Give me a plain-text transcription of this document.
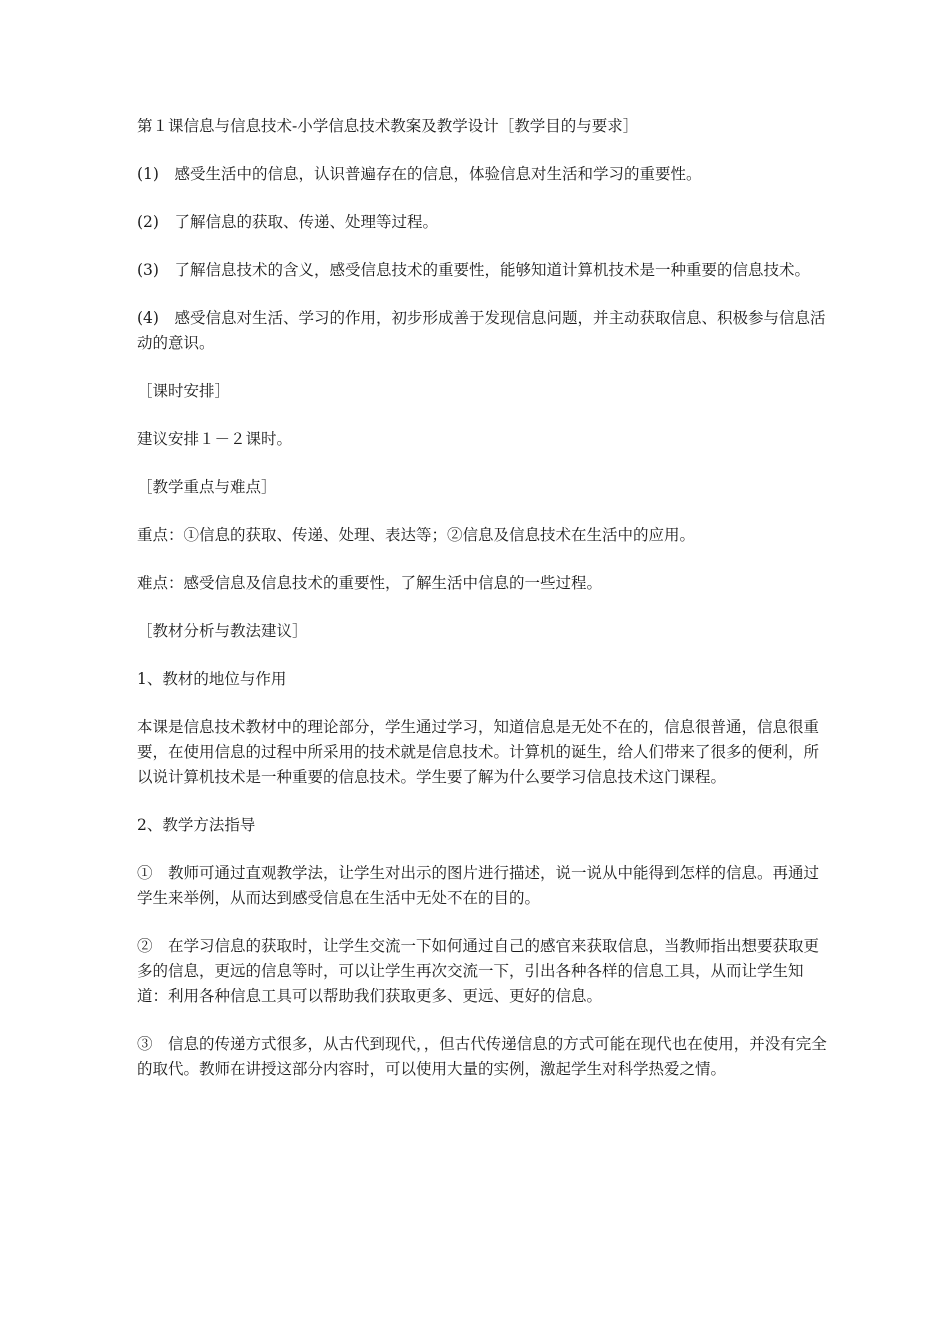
第１课信息与信息技术-小学信息技术教案及教学设计［教学目的与要求］

(1)　感受生活中的信息，认识普遍存在的信息，体验信息对生活和学习的重要性。

(2)　了解信息的获取、传递、处理等过程。

(3)　了解信息技术的含义，感受信息技术的重要性，能够知道计算机技术是一种重要的信息技术。

(4)　感受信息对生活、学习的作用，初步形成善于发现信息问题，并主动获取信息、积极参与信息活动的意识。

［课时安排］

建议安排１－２课时。

［教学重点与难点］

重点：①信息的获取、传递、处理、表达等；②信息及信息技术在生活中的应用。

难点：感受信息及信息技术的重要性，了解生活中信息的一些过程。

［教材分析与教法建议］

1、教材的地位与作用

本课是信息技术教材中的理论部分，学生通过学习，知道信息是无处不在的，信息很普通，信息很重要，在使用信息的过程中所采用的技术就是信息技术。计算机的诞生，给人们带来了很多的便利，所以说计算机技术是一种重要的信息技术。学生要了解为什么要学习信息技术这门课程。

2、教学方法指导

①　教师可通过直观教学法，让学生对出示的图片进行描述，说一说从中能得到怎样的信息。再通过学生来举例，从而达到感受信息在生活中无处不在的目的。

②　在学习信息的获取时，让学生交流一下如何通过自己的感官来获取信息，当教师指出想要获取更多的信息，更远的信息等时，可以让学生再次交流一下，引出各种各样的信息工具，从而让学生知道：利用各种信息工具可以帮助我们获取更多、更远、更好的信息。

③　信息的传递方式很多，从古代到现代，，但古代传递信息的方式可能在现代也在使用，并没有完全的取代。教师在讲授这部分内容时，可以使用大量的实例，激起学生对科学热爱之情。
